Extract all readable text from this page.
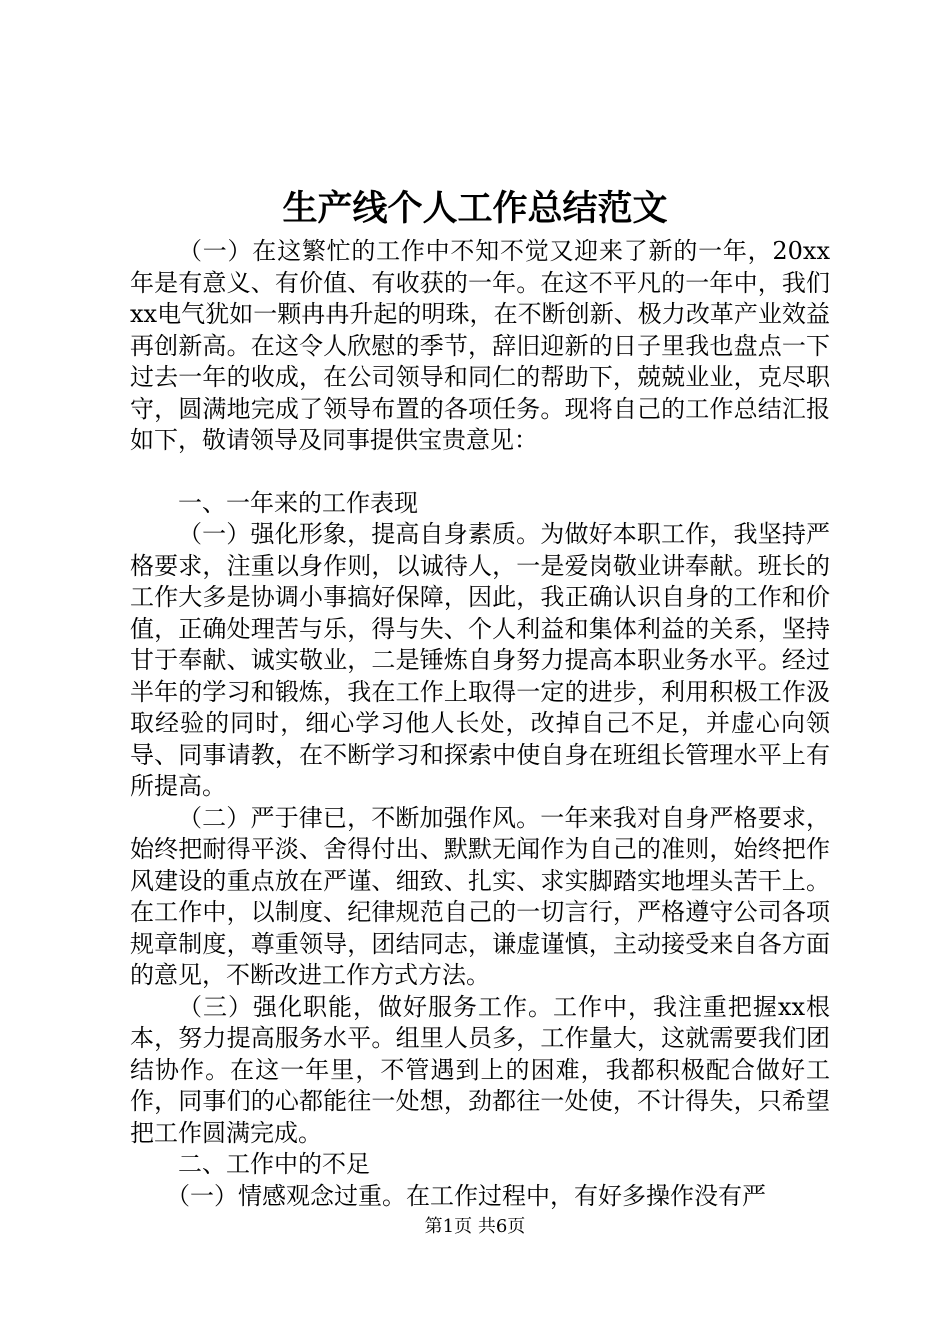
生产线个人工作总结范文

（一）在这繁忙的工作中不知不觉又迎来了新的一年，20xx年是有意义、有价值、有收获的一年。在这不平凡的一年中，我们xx电气犹如一颗冉冉升起的明珠，在不断创新、极力改革产业效益再创新高。在这令人欣慰的季节，辞旧迎新的日子里我也盘点一下过去一年的收成，在公司领导和同仁的帮助下，兢兢业业，克尽职守，圆满地完成了领导布置的各项任务。现将自己的工作总结汇报如下，敬请领导及同事提供宝贵意见：

一、一年来的工作表现

（一）强化形象，提高自身素质。为做好本职工作，我坚持严格要求，注重以身作则，以诚待人，一是爱岗敬业讲奉献。班长的工作大多是协调小事搞好保障，因此，我正确认识自身的工作和价值，正确处理苦与乐，得与失、个人利益和集体利益的关系，坚持甘于奉献、诚实敬业，二是锤炼自身努力提高本职业务水平。经过半年的学习和锻炼，我在工作上取得一定的进步，利用积极工作汲取经验的同时，细心学习他人长处，改掉自己不足，并虚心向领导、同事请教，在不断学习和探索中使自身在班组长管理水平上有所提高。

（二）严于律已，不断加强作风。一年来我对自身严格要求，始终把耐得平淡、舍得付出、默默无闻作为自己的准则，始终把作风建设的重点放在严谨、细致、扎实、求实脚踏实地埋头苦干上。在工作中，以制度、纪律规范自己的一切言行，严格遵守公司各项规章制度，尊重领导，团结同志，谦虚谨慎，主动接受来自各方面的意见，不断改进工作方式方法。

（三）强化职能，做好服务工作。工作中，我注重把握xx根本，努力提高服务水平。组里人员多，工作量大，这就需要我们团结协作。在这一年里，不管遇到上的困难，我都积极配合做好工作，同事们的心都能往一处想，劲都往一处使，不计得失，只希望把工作圆满完成。

二、工作中的不足

（一）情感观念过重。在工作过程中，有好多操作没有严

第1页 共6页
